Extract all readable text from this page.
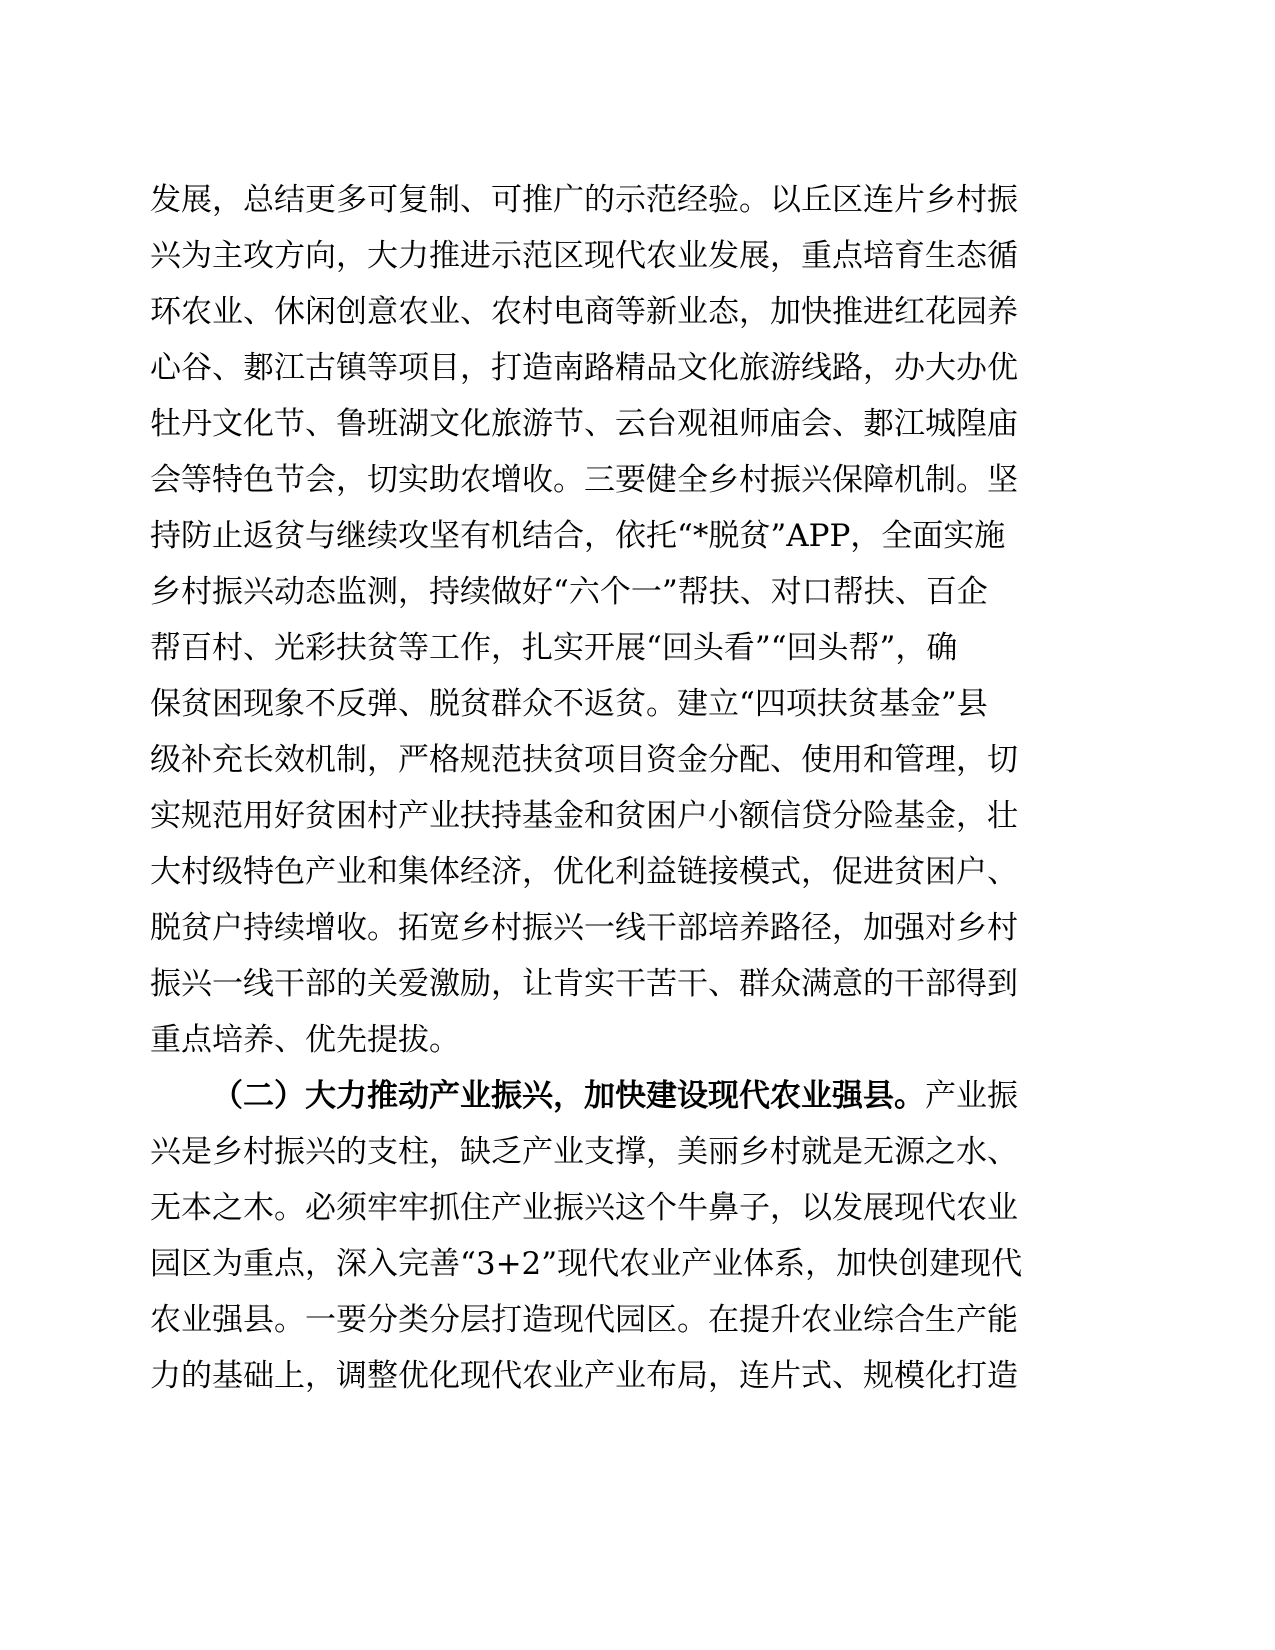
发展，总结更多可复制、可推广的示范经验。以丘区连片乡村振
兴为主攻方向，大力推进示范区现代农业发展，重点培育生态循
环农业、休闲创意农业、农村电商等新业态，加快推进红花园养
心谷、郪江古镇等项目，打造南路精品文化旅游线路，办大办优
牡丹文化节、鲁班湖文化旅游节、云台观祖师庙会、郪江城隍庙
会等特色节会，切实助农增收。三要健全乡村振兴保障机制。坚
持防止返贫与继续攻坚有机结合，依托“*脱贫”APP，全面实施
乡村振兴动态监测，持续做好“六个一”帮扶、对口帮扶、百企
帮百村、光彩扶贫等工作，扎实开展“回头看”“回头帮”，确
保贫困现象不反弹、脱贫群众不返贫。建立“四项扶贫基金”县
级补充长效机制，严格规范扶贫项目资金分配、使用和管理，切
实规范用好贫困村产业扶持基金和贫困户小额信贷分险基金，壮
大村级特色产业和集体经济，优化利益链接模式，促进贫困户、
脱贫户持续增收。拓宽乡村振兴一线干部培养路径，加强对乡村
振兴一线干部的关爱激励，让肯实干苦干、群众满意的干部得到
重点培养、优先提拔。
（二）大力推动产业振兴，加快建设现代农业强县。产业振
兴是乡村振兴的支柱，缺乏产业支撑，美丽乡村就是无源之水、
无本之木。必须牢牢抓住产业振兴这个牛鼻子，以发展现代农业
园区为重点，深入完善“3+2”现代农业产业体系，加快创建现代
农业强县。一要分类分层打造现代园区。在提升农业综合生产能
力的基础上，调整优化现代农业产业布局，连片式、规模化打造
